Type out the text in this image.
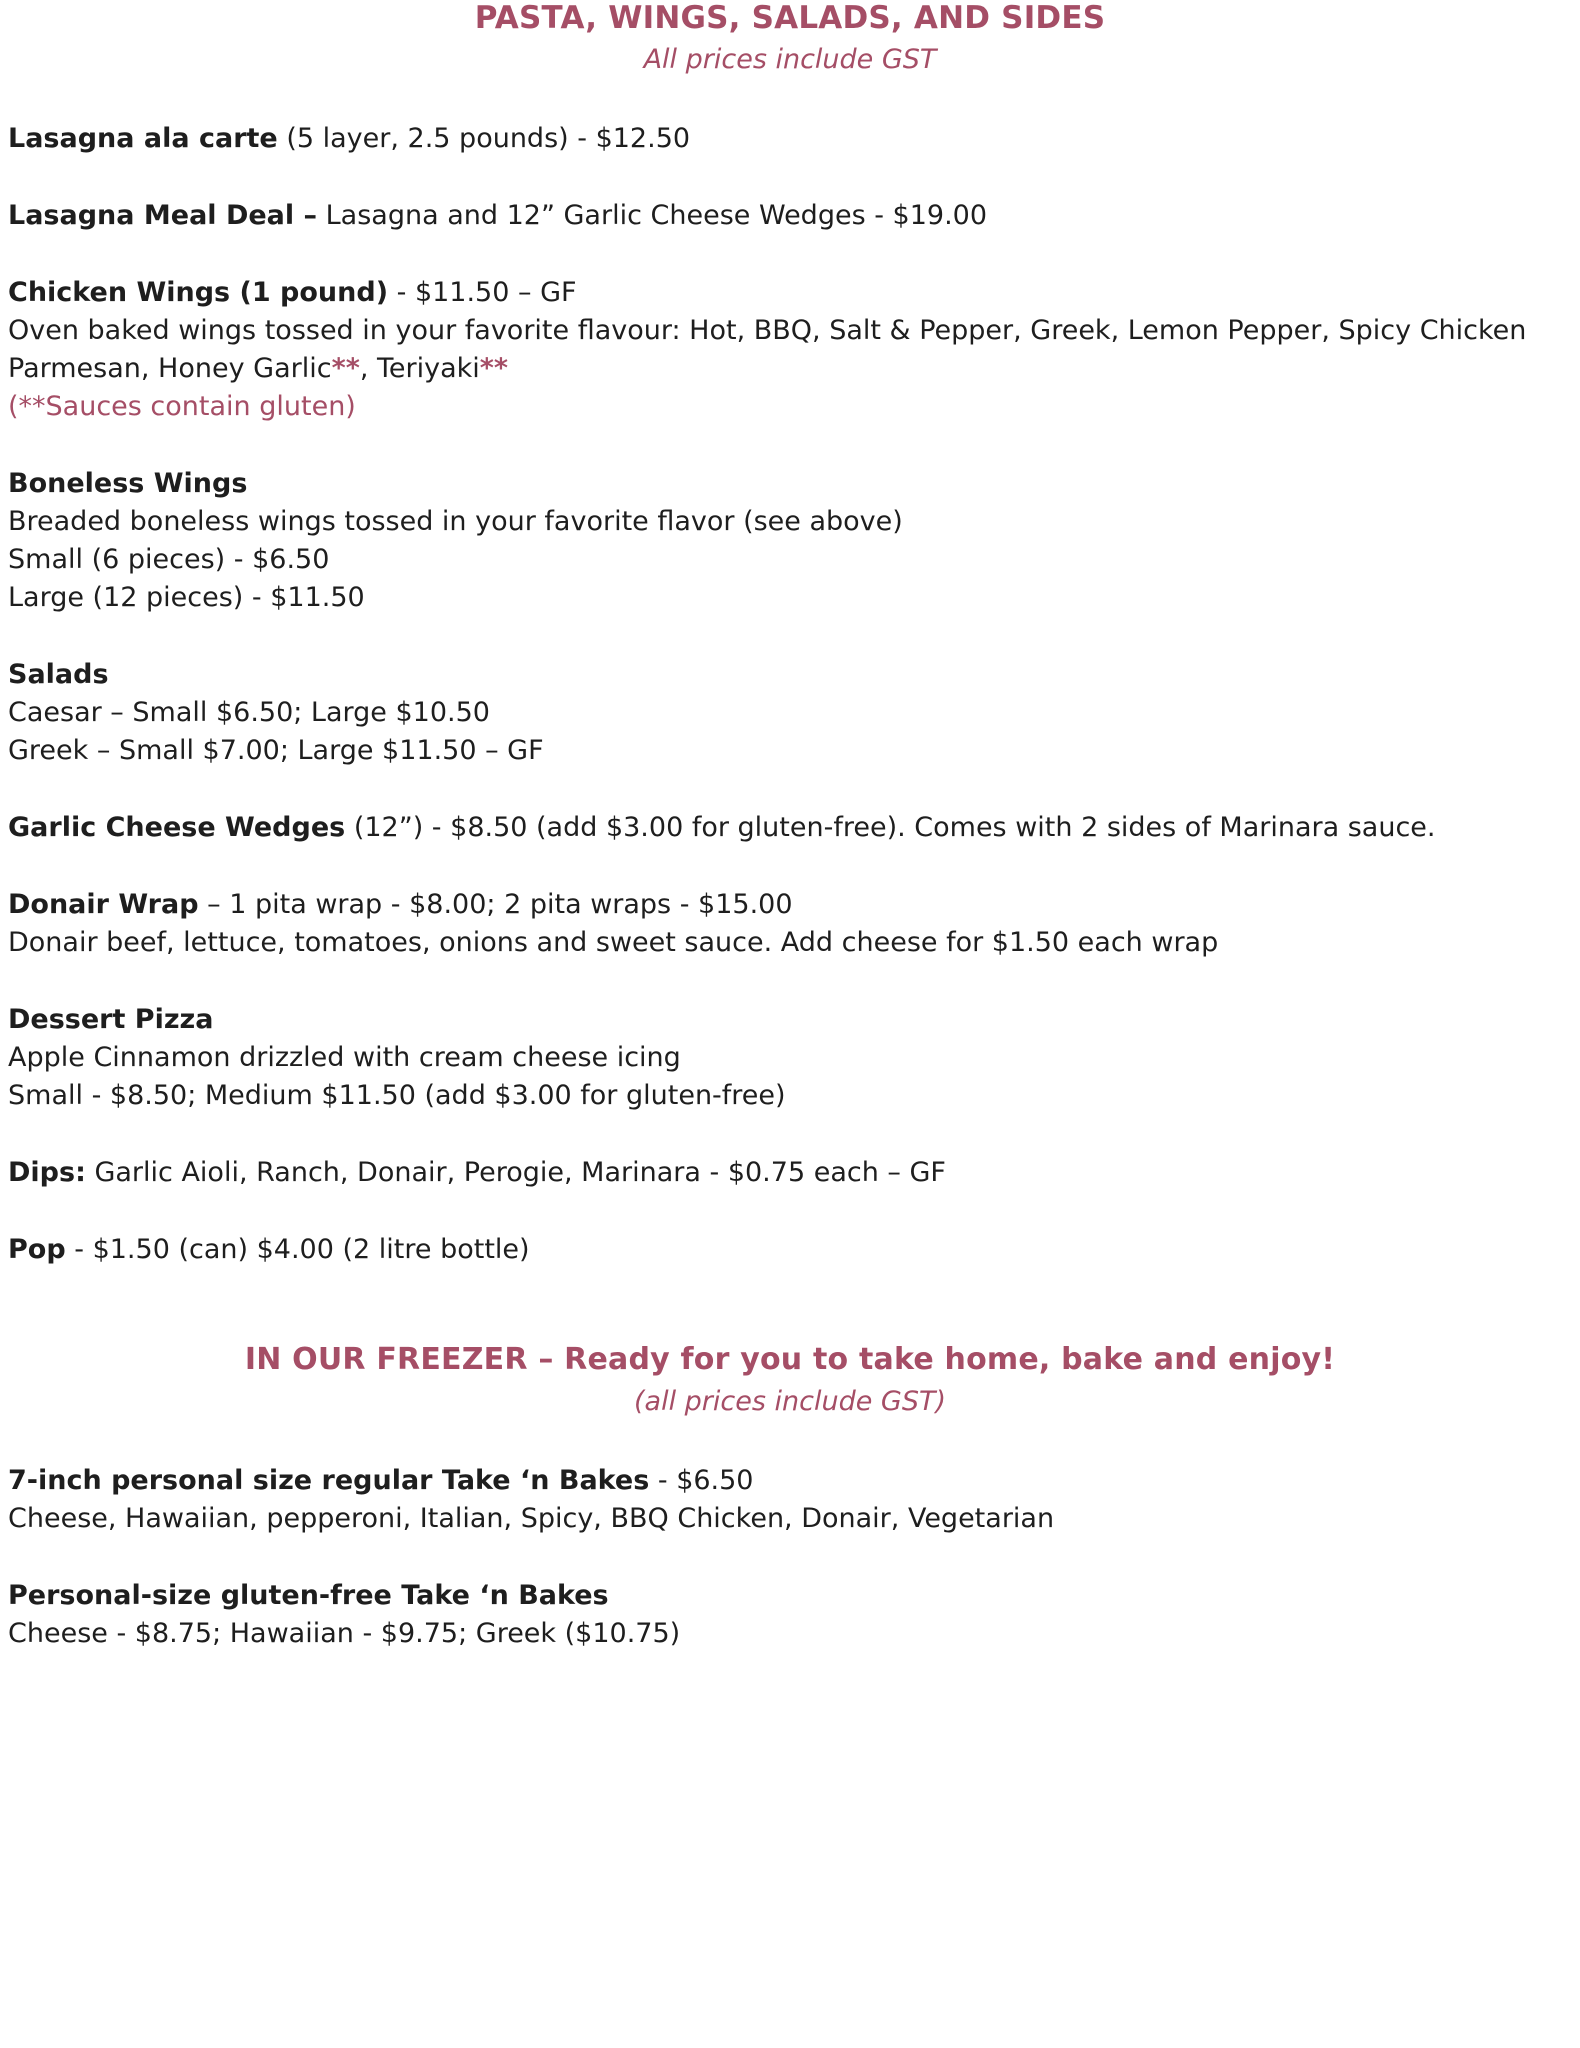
PASTA, WINGS, SALADS, AND SIDES
All prices include GST
Lasagna ala carte (5 layer, 2.5 pounds) - $12.50
Lasagna Meal Deal – Lasagna and 12” Garlic Cheese Wedges - $19.00
Chicken Wings (1 pound) - $11.50 – GF
Oven baked wings tossed in your favorite flavour: Hot, BBQ, Salt & Pepper, Greek, Lemon Pepper, Spicy Chicken
Parmesan, Honey Garlic**, Teriyaki**
(**Sauces contain gluten)
Boneless Wings
Breaded boneless wings tossed in your favorite flavor (see above)
Small (6 pieces) - $6.50
Large (12 pieces) - $11.50
Salads
Caesar – Small $6.50; Large $10.50
Greek – Small $7.00; Large $11.50 – GF
Garlic Cheese Wedges (12”) - $8.50 (add $3.00 for gluten-free). Comes with 2 sides of Marinara sauce.
Donair Wrap – 1 pita wrap - $8.00; 2 pita wraps - $15.00
Donair beef, lettuce, tomatoes, onions and sweet sauce. Add cheese for $1.50 each wrap
Dessert Pizza
Apple Cinnamon drizzled with cream cheese icing
Small - $8.50; Medium $11.50 (add $3.00 for gluten-free)
Dips: Garlic Aioli, Ranch, Donair, Perogie, Marinara - $0.75 each – GF
Pop - $1.50 (can) $4.00 (2 litre bottle)
IN OUR FREEZER – Ready for you to take home, bake and enjoy!
(all prices include GST)
7-inch personal size regular Take ‘n Bakes - $6.50
Cheese, Hawaiian, pepperoni, Italian, Spicy, BBQ Chicken, Donair, Vegetarian
Personal-size gluten-free Take ‘n Bakes
Cheese - $8.75; Hawaiian - $9.75; Greek ($10.75)
